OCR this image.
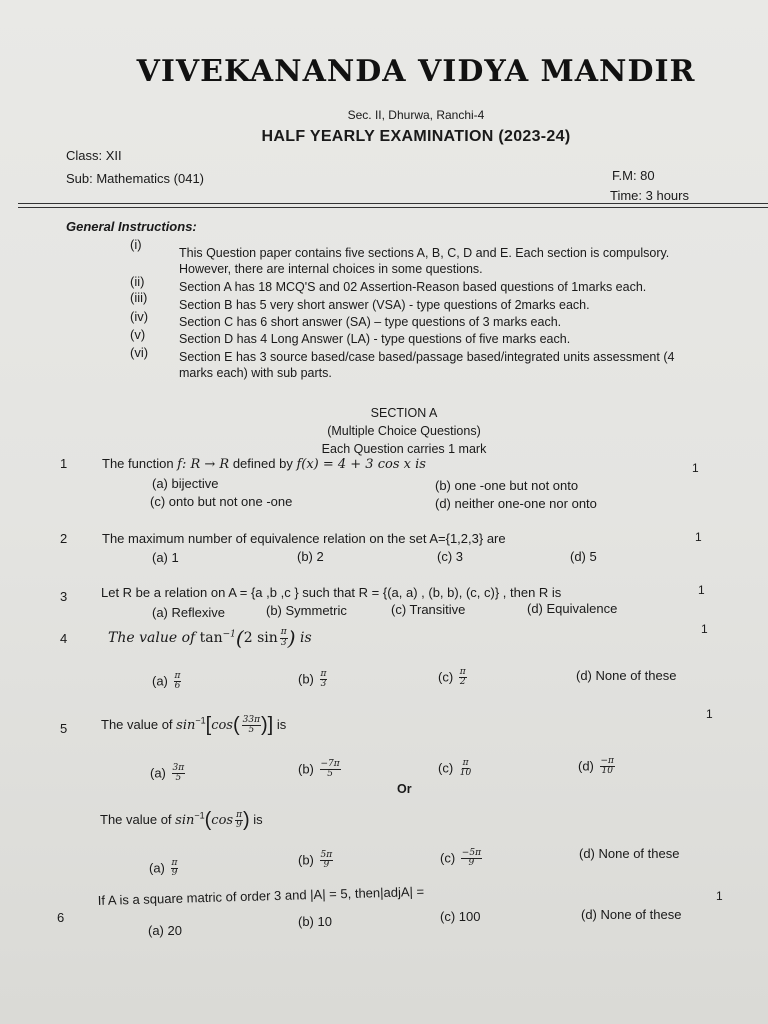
VIVEKANANDA VIDYA MANDIR
Sec. II, Dhurwa, Ranchi-4
HALF YEARLY EXAMINATION (2023-24)
Class: XII
Sub: Mathematics (041)	F.M: 80
Time: 3 hours
General Instructions:
(i)
This Question paper contains five sections A, B, C, D and E. Each section is compulsory.
However, there are internal choices in some questions.
(ii)	Section A has 18 MCQ'S and 02 Assertion-Reason based questions of 1marks each.
(iii)	Section B has 5 very short answer (VSA) - type questions of 2marks each.
(iv) Section C has 6 short answer (SA) – type questions of 3 marks each.
(v)	Section D has 4 Long Answer (LA) - type questions of five marks each.
(vi) Section E has 3 source based/case based/passage based/integrated units assessment (4
marks each) with sub parts.
SECTION A
(Multiple Choice Questions)
Each Question carries 1 mark
1	The function f: R → R defined by f(x) = 4 + 3 cos x is	1
(a) bijective	(b) one -one but not onto
(c) onto but not one -one	(d) neither one-one nor onto
2	The maximum number of equivalence relation on the set A={1,2,3} are	1
(a) 1	(b) 2	(c) 3	(d) 5
3	Let R be a relation on A = {a ,b ,c } such that R = {(a, a) , (b, b), (c, c)} , then R is	1
(a) Reflexive	(b) Symmetric	(c) Transitive	(d) Equivalence
4	The value of $\tan^{-1}(2$ $\sin \frac{\pi}{3}$ ) is
1
$(a) \frac{\pi}{6}$	$(b) \frac{\pi}{3}$	$(c) \frac{\pi}{2}$	(d) None of these
5	The value of $\sin^{-1}[\cos( \frac{33\pi}{5}$ )] is
1
$(a) \frac{3\pi}{5}$	$(b) \frac{-7\pi}{5}$	$(c) \frac{\pi}{10}$	$(d) \frac{-\pi}{10}$
Or
The value of $\sin^{-1}(\cos \frac{\pi}{9}$ ) is
$(a) \frac{\pi}{9}$	$(b) \frac{5\pi}{9}$	$(c) \frac{-5\pi}{9}$	(d) None of these
6
If A is a square matric of order 3 and |A| = 5, then|adjA| =	1
(a) 20
(b) 10	(c) 100	(d) None of these
